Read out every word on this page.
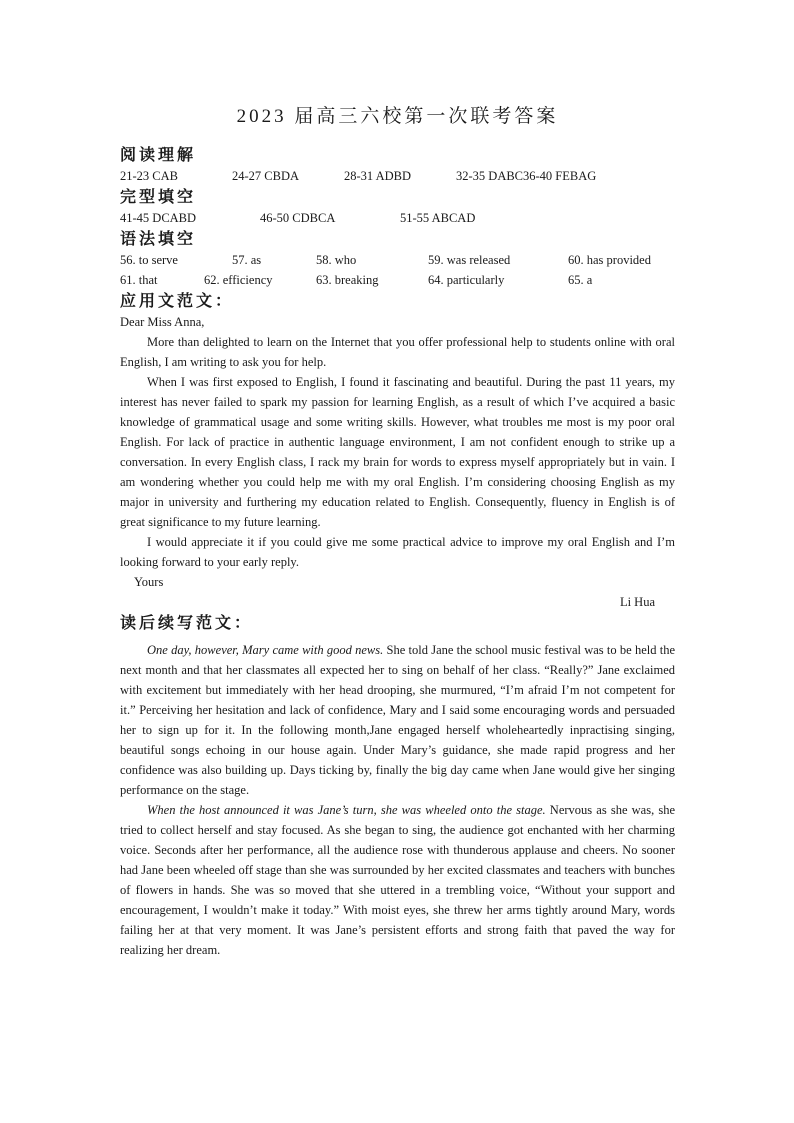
2023 届高三六校第一次联考答案
阅读理解
21-23 CAB	24-27 CBDA	28-31 ADBD	32-35 DABC36-40 FEBAG
完型填空
41-45 DCABD	46-50 CDBCA	51-55 ABCAD
语法填空
56. to serve	57. as	58. who	59. was released	60. has provided
61. that	62. efficiency	63. breaking	64. particularly	65. a
应用文范文：

Dear Miss Anna,

More than delighted to learn on the Internet that you offer professional help to students online with oral English, I am writing to ask you for help.

When I was first exposed to English, I found it fascinating and beautiful. During the past 11 years, my interest has never failed to spark my passion for learning English, as a result of which I’ve acquired a basic knowledge of grammatical usage and some writing skills. However, what troubles me most is my poor oral English. For lack of practice in authentic language environment, I am not confident enough to strike up a conversation. In every English class, I rack my brain for words to express myself appropriately but in vain. I am wondering whether you could help me with my oral English. I’m considering choosing English as my major in university and furthering my education related to English. Consequently, fluency in English is of great significance to my future learning.

I would appreciate it if you could give me some practical advice to improve my oral English and I’m looking forward to your early reply.

Yours

Li Hua

读后续写范文：

One day, however, Mary came with good news. She told Jane the school music festival was to be held the next month and that her classmates all expected her to sing on behalf of her class. “Really?” Jane exclaimed with excitement but immediately with her head drooping, she murmured, “I’m afraid I’m not competent for it.” Perceiving her hesitation and lack of confidence, Mary and I said some encouraging words and persuaded her to sign up for it. In the following month,Jane engaged herself wholeheartedly inpractising singing, beautiful songs echoing in our house again. Under Mary’s guidance, she made rapid progress and her confidence was also building up. Days ticking by, finally the big day came when Jane would give her singing performance on the stage.

When the host announced it was Jane’s turn, she was wheeled onto the stage. Nervous as she was, she tried to collect herself and stay focused. As she began to sing, the audience got enchanted with her charming voice. Seconds after her performance, all the audience rose with thunderous applause and cheers. No sooner had Jane been wheeled off stage than she was surrounded by her excited classmates and teachers with bunches of flowers in hands. She was so moved that she uttered in a trembling voice, “Without your support and encouragement, I wouldn’t make it today.” With moist eyes, she threw her arms tightly around Mary, words failing her at that very moment. It was Jane’s persistent efforts and strong faith that paved the way for realizing her dream.
